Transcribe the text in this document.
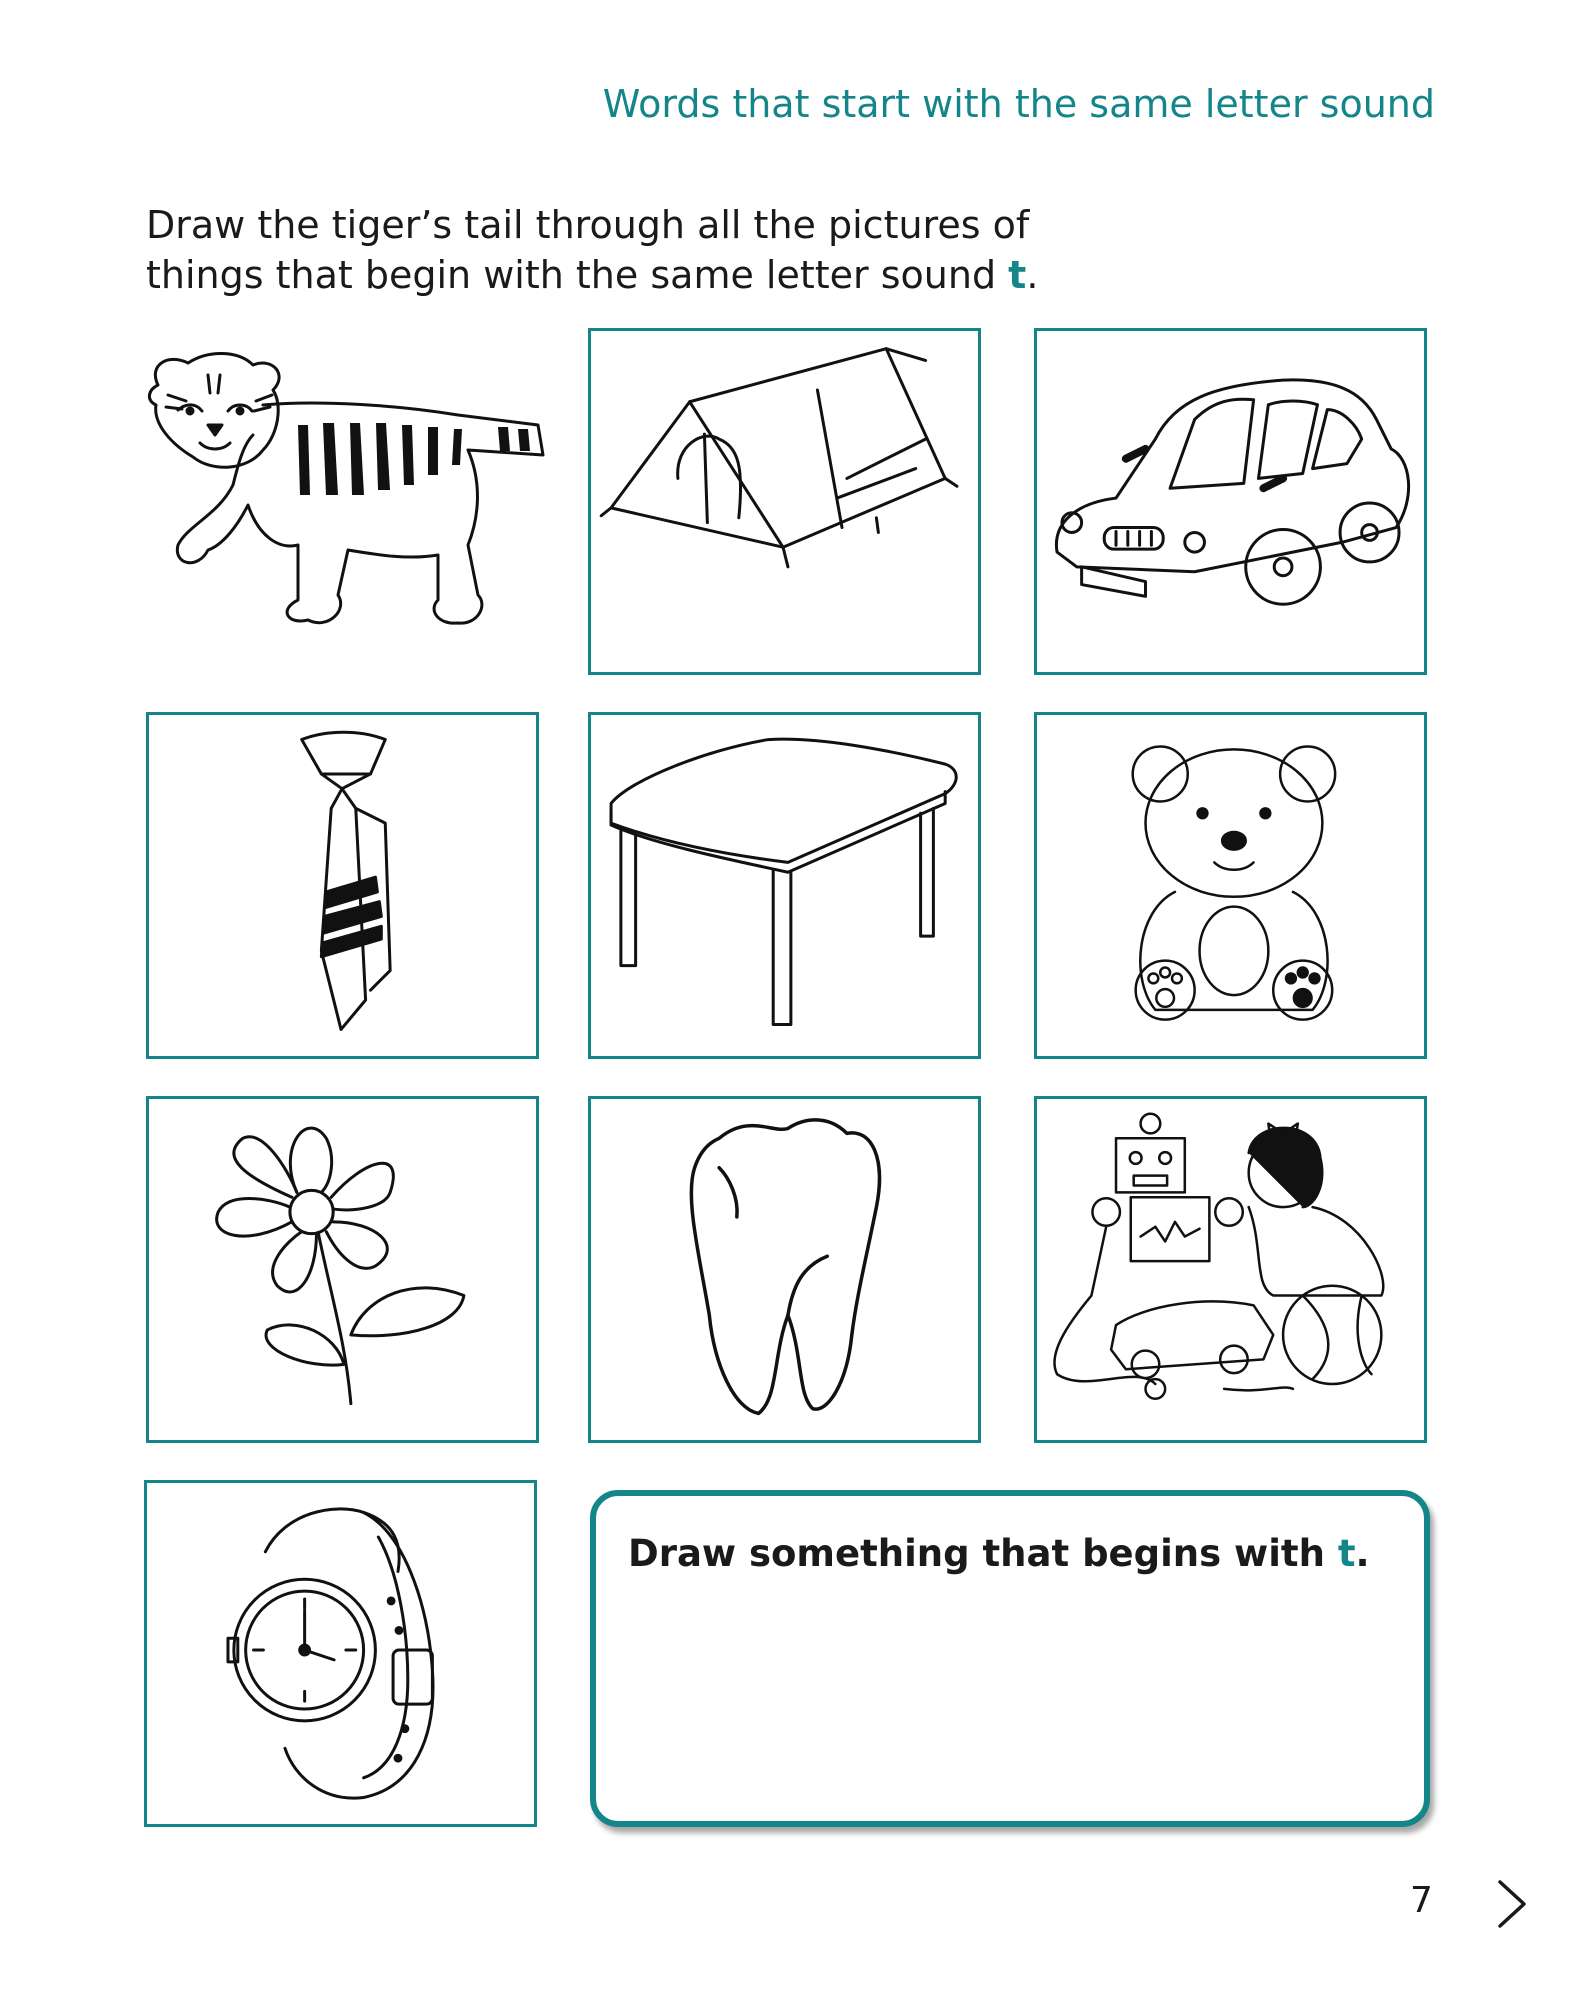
Words that start with the same letter sound
Draw the tiger’s tail through all the pictures of
things that begin with the same letter sound t.
Draw something that begins with t.
7
